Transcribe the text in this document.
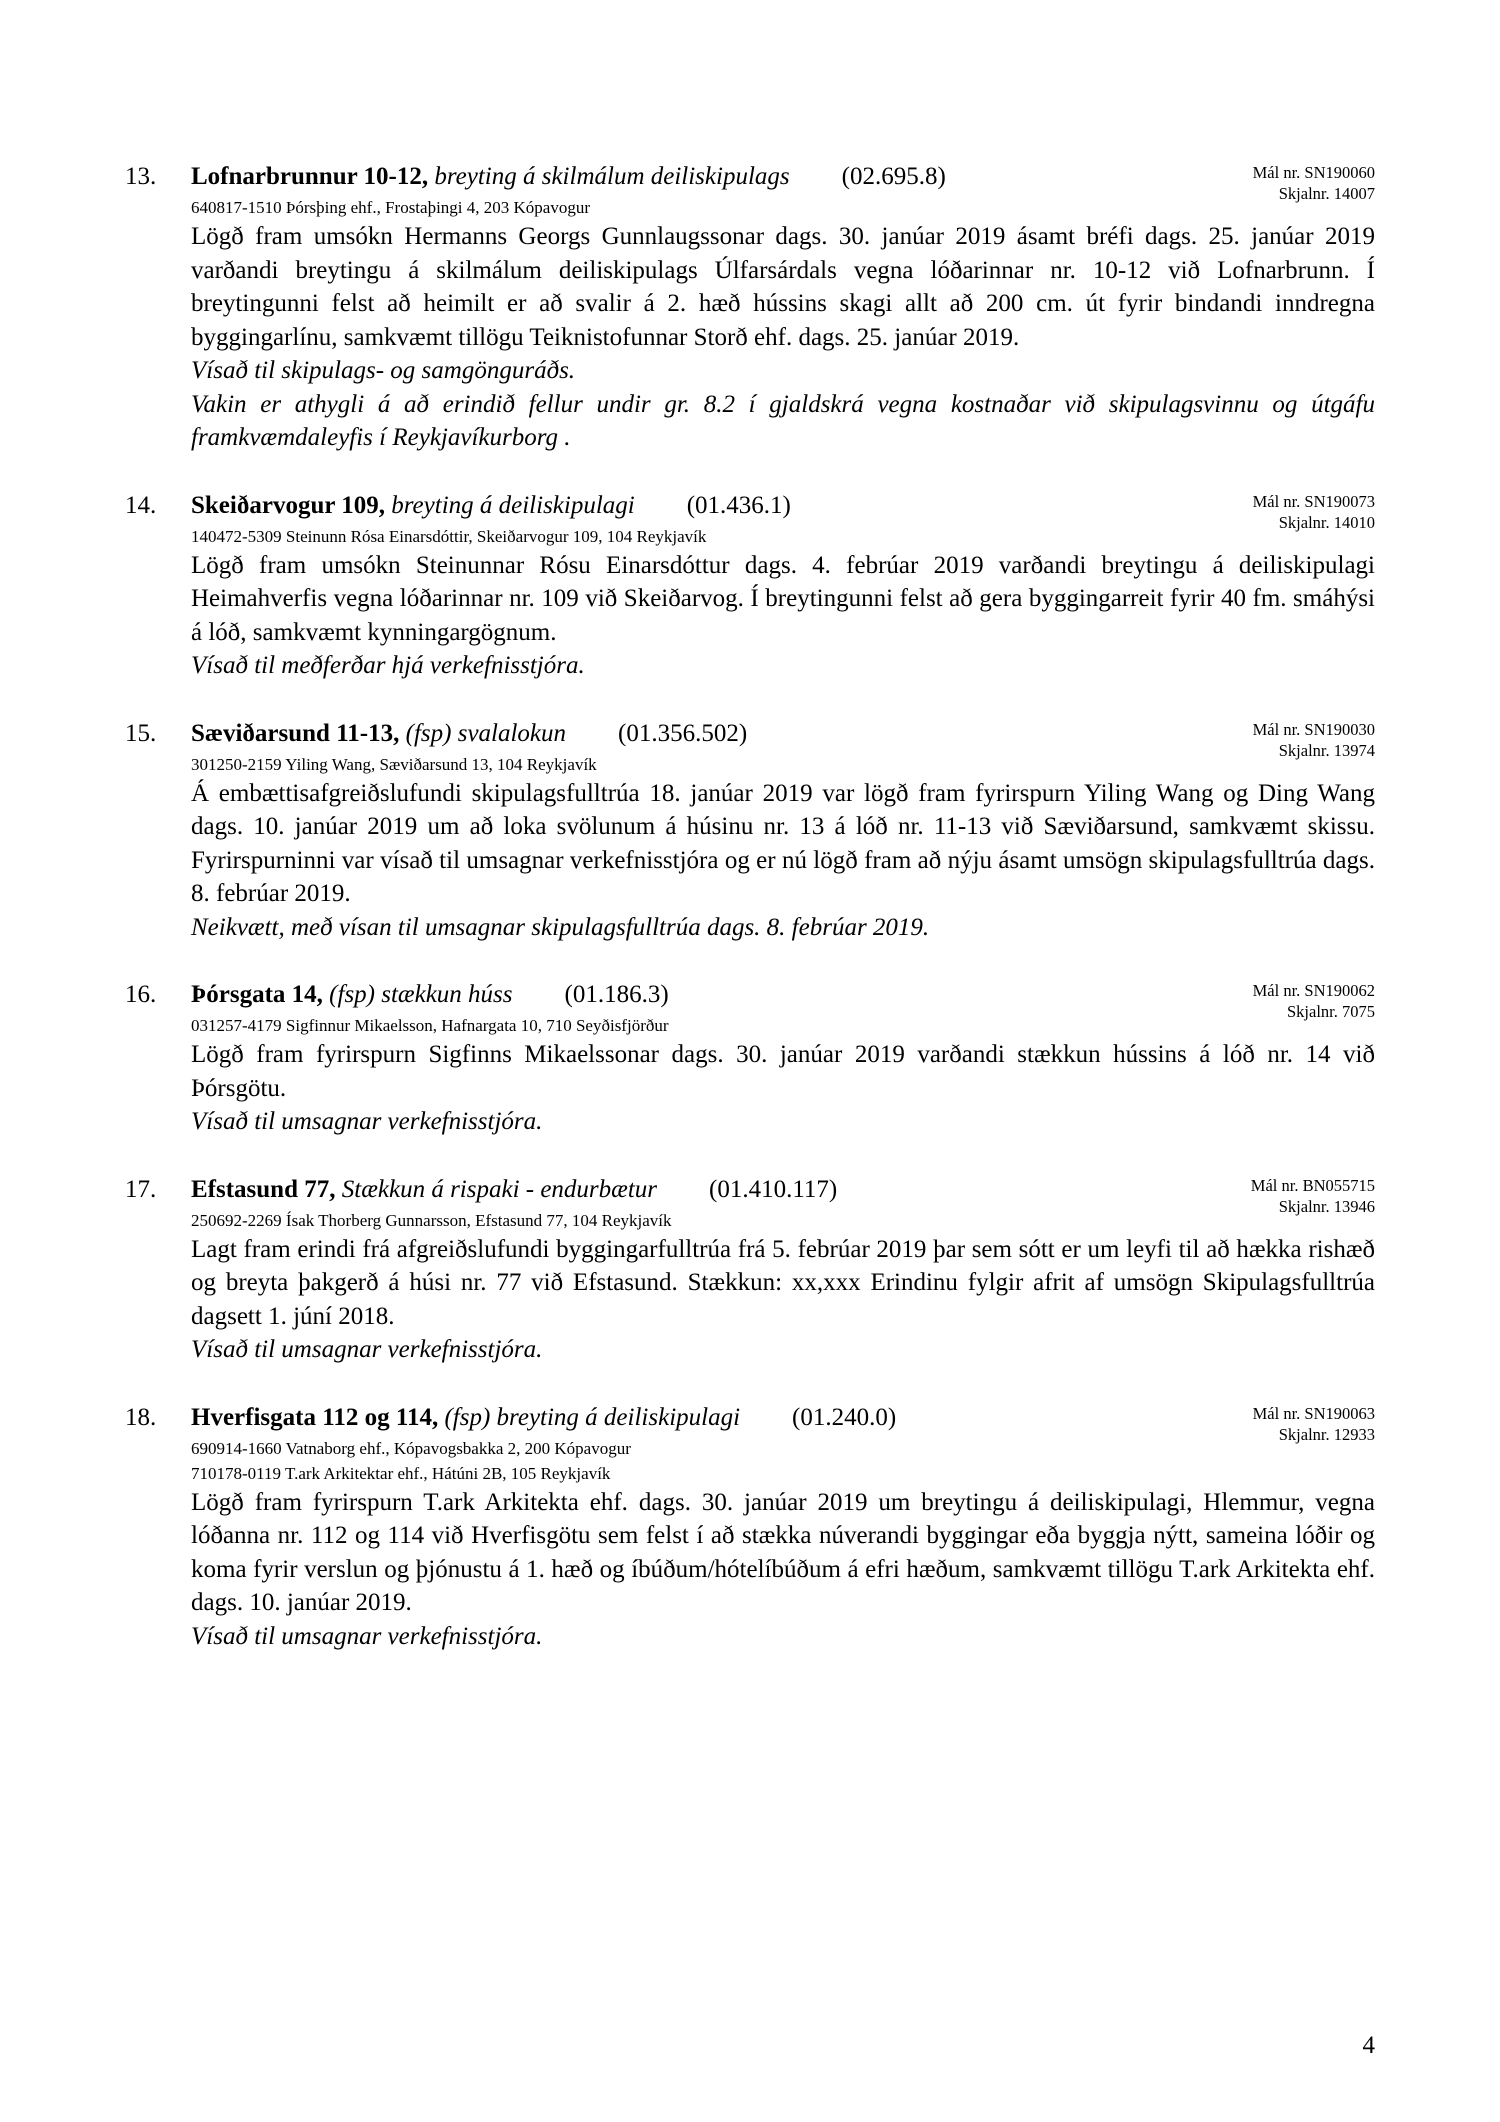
13.	Lofnarbrunnur 10-12, breyting á skilmálum deiliskipulags (02.695.8)	Mál nr. SN190060
Skjalnr. 14007
640817-1510 Þórsþing ehf., Frostaþingi 4, 203 Kópavogur
Lögð fram umsókn Hermanns Georgs Gunnlaugssonar dags. 30. janúar 2019 ásamt bréfi dags. 25. janúar 2019 varðandi breytingu á skilmálum deiliskipulags Úlfarsárdals vegna lóðarinnar nr. 10-12 við Lofnarbrunn. Í breytingunni felst að heimilt er að svalir á 2. hæð hússins skagi allt að 200 cm. út fyrir bindandi inndregna byggingarlínu, samkvæmt tillögu Teiknistofunnar Storð ehf. dags. 25. janúar 2019.
Vísað til skipulags- og samgönguráðs.
Vakin er athygli á að erindið fellur undir gr. 8.2 í gjaldskrá vegna kostnaðar við skipulagsvinnu og útgáfu framkvæmdaleyfis í Reykjavíkurborg .
14.	Skeiðarvogur 109, breyting á deiliskipulagi (01.436.1)	Mál nr. SN190073
Skjalnr. 14010
140472-5309 Steinunn Rósa Einarsdóttir, Skeiðarvogur 109, 104 Reykjavík
Lögð fram umsókn Steinunnar Rósu Einarsdóttur dags. 4. febrúar 2019 varðandi breytingu á deiliskipulagi Heimahverfis vegna lóðarinnar nr. 109 við Skeiðarvog. Í breytingunni felst að gera byggingarreit fyrir 40 fm. smáhýsi á lóð, samkvæmt kynningargögnum.
Vísað til meðferðar hjá verkefnisstjóra.
15.	Sæviðarsund 11-13, (fsp) svalalokun (01.356.502)	Mál nr. SN190030
Skjalnr. 13974
301250-2159 Yiling Wang, Sæviðarsund 13, 104 Reykjavík
Á embættisafgreiðslufundi skipulagsfulltrúa 18. janúar 2019 var lögð fram fyrirspurn Yiling Wang og Ding Wang dags. 10. janúar 2019 um að loka svölunum á húsinu nr. 13 á lóð nr. 11-13 við Sæviðarsund, samkvæmt skissu. Fyrirspurninni var vísað til umsagnar verkefnisstjóra og er nú lögð fram að nýju ásamt umsögn skipulagsfulltrúa dags. 8. febrúar 2019.
Neikvætt, með vísan til umsagnar skipulagsfulltrúa dags. 8. febrúar 2019.
16.	Þórsgata 14, (fsp) stækkun húss (01.186.3)	Mál nr. SN190062
Skjalnr. 7075
031257-4179 Sigfinnur Mikaelsson, Hafnargata 10, 710 Seyðisfjörður
Lögð fram fyrirspurn Sigfinns Mikaelssonar dags. 30. janúar 2019 varðandi stækkun hússins á lóð nr. 14 við Þórsgötu.
Vísað til umsagnar verkefnisstjóra.
17.	Efstasund 77, Stækkun á rispaki - endurbætur (01.410.117)	Mál nr. BN055715
Skjalnr. 13946
250692-2269 Ísak Thorberg Gunnarsson, Efstasund 77, 104 Reykjavík
Lagt fram erindi frá afgreiðslufundi byggingarfulltrúa frá 5. febrúar 2019 þar sem sótt er um leyfi til að hækka rishæð og breyta þakgerð á húsi nr. 77 við Efstasund. Stækkun: xx,xxx Erindinu fylgir afrit af umsögn Skipulagsfulltrúa dagsett 1. júní 2018.
Vísað til umsagnar verkefnisstjóra.
18.	Hverfisgata 112 og 114, (fsp) breyting á deiliskipulagi (01.240.0)	Mál nr. SN190063
Skjalnr. 12933
690914-1660 Vatnaborg ehf., Kópavogsbakka 2, 200 Kópavogur
710178-0119 T.ark Arkitektar ehf., Hátúni 2B, 105 Reykjavík
Lögð fram fyrirspurn T.ark Arkitekta ehf. dags. 30. janúar 2019 um breytingu á deiliskipulagi, Hlemmur, vegna lóðanna nr. 112 og 114 við Hverfisgötu sem felst í að stækka núverandi byggingar eða byggja nýtt, sameina lóðir og koma fyrir verslun og þjónustu á 1. hæð og íbúðum/hótelíbúðum á efri hæðum, samkvæmt tillögu T.ark Arkitekta ehf. dags. 10. janúar 2019.
Vísað til umsagnar verkefnisstjóra.
4
